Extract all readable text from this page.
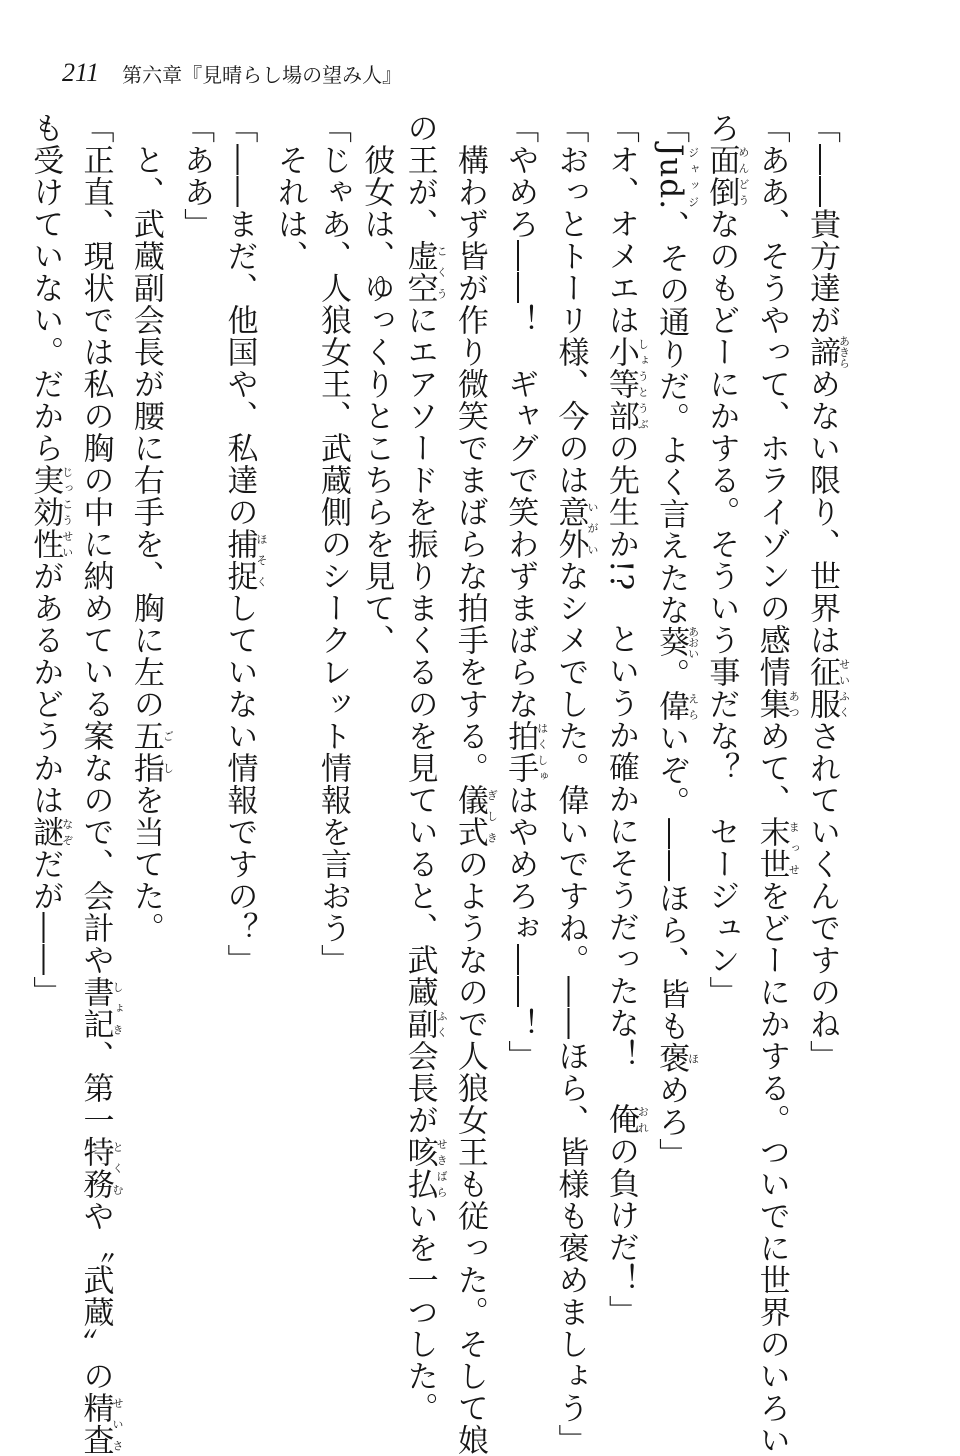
211 第六章『見晴らし場の望み人』
「――貴方達が諦あきらめない限り、世界は征服せいふくされていくんですのね」
「ああ、そうやって、ホライゾンの感情集あつめて、末世まっせをどーにかする。ついでに世界のいろい
ろ面倒めんどうなのもどーにかする。そういう事だな？　セージュン」
「Jud.ジャッジ、その通りだ。よく言えたな葵あおい。偉えらいぞ。――ほら、皆も褒ほめろ」
「オ、オメエは小等部しょうとうぶの先生か!?　というか確かにそうだったな！　俺おれの負けだ！」
「おっとトーリ様、今のは意外いがいなシメでした。偉いですね。――ほら、皆様も褒めましょう」
「やめろ――！　ギャグで笑わずまばらな拍手はくしゅはやめろぉ――！」
　構わず皆が作り微笑でまばらな拍手をする。儀式ぎしきのようなので人狼女王も従った。そして娘
の王が、虚空こくうにエアソードを振りまくるのを見ていると、武蔵副ふく会長が咳払せきばらいを一つした。
　彼女は、ゆっくりとこちらを見て、
「じゃあ、人狼女王、武蔵側のシークレット情報を言おう」
　それは、
「――まだ、他国や、私達の捕捉ほそくしていない情報ですの？」
「ああ」
　と、武蔵副会長が腰に右手を、胸に左の五指ごしを当てた。
「正直、現状では私の胸の中に納めている案なので、会計や書記しょき、第一特務とくむや〝武蔵〟の精査せいさ
も受けていない。だから実効性じっこうせいがあるかどうかは謎なぞだが――」
